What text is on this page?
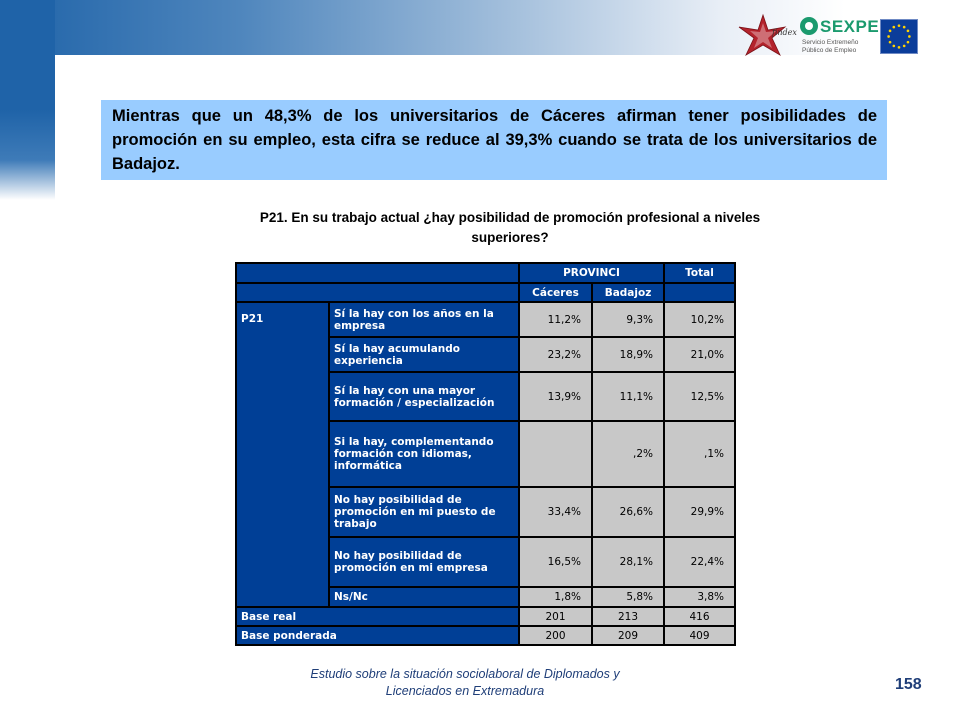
findex SEXPE
Servicio Extremeño
Público de Empleo
Mientras que un 48,3% de los universitarios de Cáceres afirman tener posibilidades de promoción en su empleo, esta cifra se reduce al 39,3% cuando se trata de los universitarios de Badajoz.
P21. En su trabajo actual ¿hay posibilidad de promoción profesional a niveles superiores?
		PROVINCI		Total
		Cáceres	Badajoz	
P21	Sí la hay con los años en la empresa	11,2%	9,3%	10,2%
	Sí la hay acumulando experiencia	23,2%	18,9%	21,0%
	Sí la hay con una mayor formación / especialización	13,9%	11,1%	12,5%
	Si la hay, complementando formación con idiomas, informática		,2%	,1%
	No hay posibilidad de promoción en mi puesto de trabajo	33,4%	26,6%	29,9%
	No hay posibilidad de promoción en mi empresa	16,5%	28,1%	22,4%
	Ns/Nc	1,8%	5,8%	3,8%
Base real		201	213	416
Base ponderada		200	209	409
Estudio sobre la situación sociolaboral de Diplomados y
Licenciados en Extremadura	158
